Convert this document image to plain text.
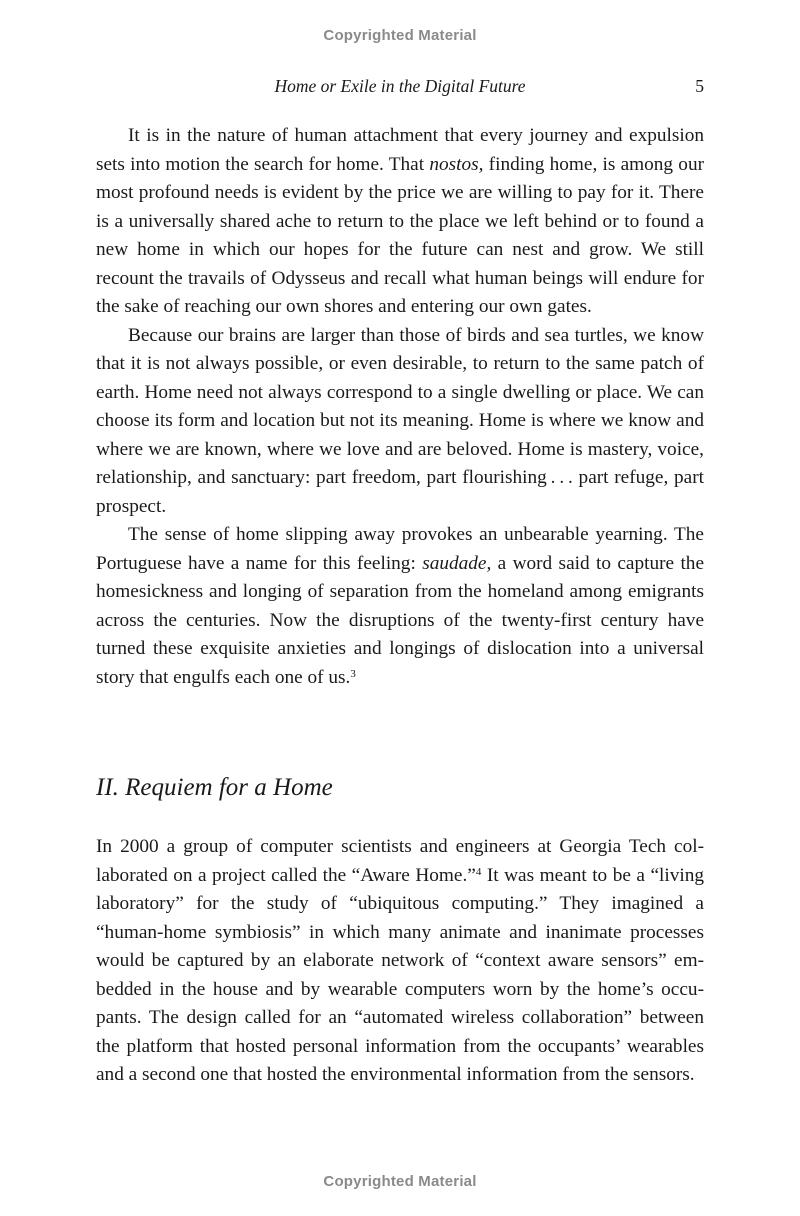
Copyrighted Material
Home or Exile in the Digital Future	5

It is in the nature of human attachment that every journey and expulsion sets into motion the search for home. That nostos, finding home, is among our most profound needs is evident by the price we are willing to pay for it. There is a universally shared ache to return to the place we left behind or to found a new home in which our hopes for the future can nest and grow. We still recount the travails of Odysseus and recall what human beings will endure for the sake of reaching our own shores and entering our own gates.

Because our brains are larger than those of birds and sea turtles, we know that it is not always possible, or even desirable, to return to the same patch of earth. Home need not always correspond to a single dwelling or place. We can choose its form and location but not its meaning. Home is where we know and where we are known, where we love and are beloved. Home is mastery, voice, relationship, and sanctuary: part freedom, part flourishing . . . part refuge, part prospect.

The sense of home slipping away provokes an unbearable yearning. The Portuguese have a name for this feeling: saudade, a word said to capture the homesickness and longing of separation from the homeland among emigrants across the centuries. Now the disruptions of the twenty-first century have turned these exquisite anxieties and longings of dislocation into a universal story that engulfs each one of us.$^3$

II. Requiem for a Home

In 2000 a group of computer scientists and engineers at Georgia Tech collaborated on a project called the “Aware Home.”$^4$ It was meant to be a “living laboratory” for the study of “ubiquitous computing.” They imagined a “human-home symbiosis” in which many animate and inanimate processes would be captured by an elaborate network of “context aware sensors” embedded in the house and by wearable computers worn by the home’s occupants. The design called for an “automated wireless collaboration” between the platform that hosted personal information from the occupants’ wearables and a second one that hosted the environmental information from the sensors.

Copyrighted Material
